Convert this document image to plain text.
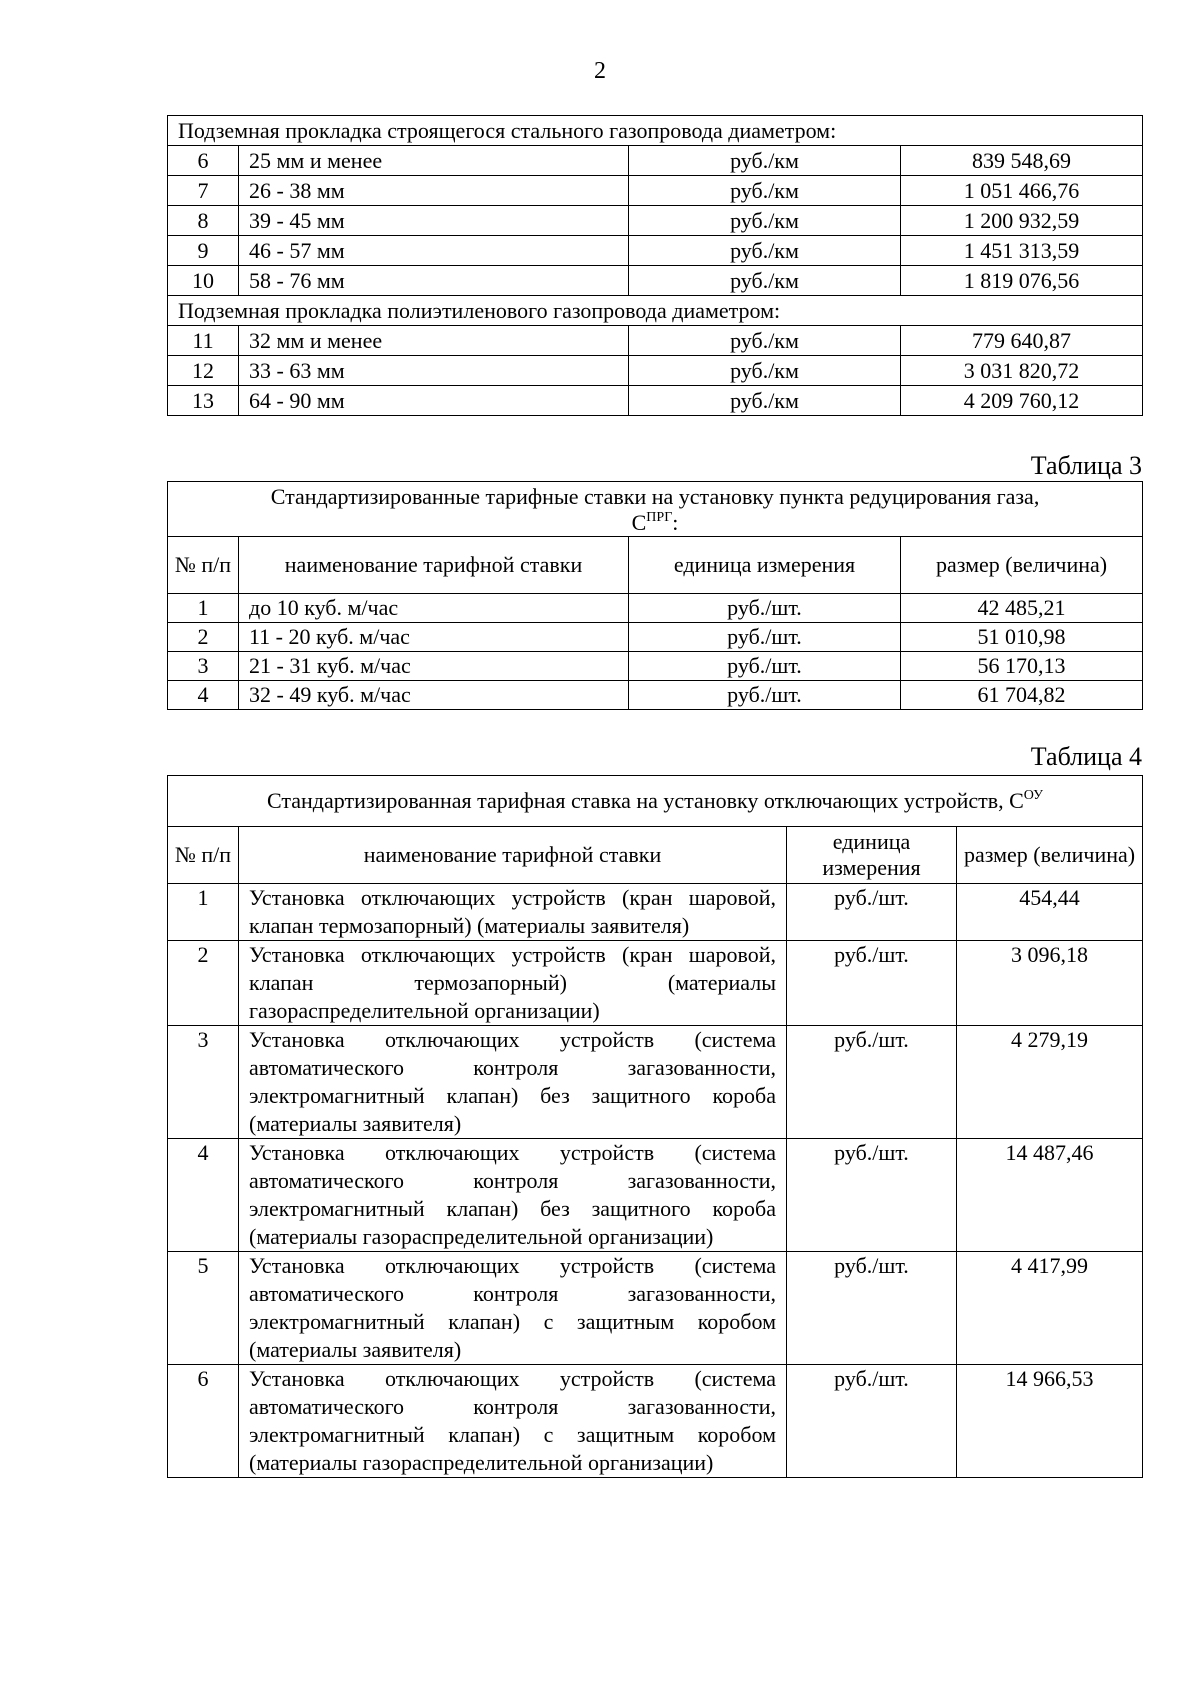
2
Подземная прокладка строящегося стального газопровода диаметром:			
6	25 мм и менее	руб./км	839 548,69
7	26 - 38 мм	руб./км	1 051 466,76
8	39 - 45 мм	руб./км	1 200 932,59
9	46 - 57 мм	руб./км	1 451 313,59
10	58 - 76 мм	руб./км	1 819 076,56
Подземная прокладка полиэтиленового газопровода диаметром:			
11	32 мм и менее	руб./км	779 640,87
12	33 - 63 мм	руб./км	3 031 820,72
13	64 - 90 мм	руб./км	4 209 760,12
Таблица 3
Стандартизированные тарифные ставки на установку пункта редуцирования газа,
$С^{ПРГ}$:			
№ п/п	наименование тарифной ставки	единица измерения	размер (величина)
1	до 10 куб. м/час	руб./шт.	42 485,21
2	11 - 20 куб. м/час	руб./шт.	51 010,98
3	21 - 31 куб. м/час	руб./шт.	56 170,13
4	32 - 49 куб. м/час	руб./шт.	61 704,82
Таблица 4
Стандартизированная тарифная ставка на установку отключающих устройств, $С^{ОУ}$
№ п/п	наименование тарифной ставки	единица измерения	размер (величина)
1	Установка отключающих устройств (кран шаровой, клапан термозапорный) (материалы заявителя)	руб./шт.	454,44
2	Установка отключающих устройств (кран шаровой, клапан термозапорный) (материалы газораспределительной организации)	руб./шт.	3 096,18
3	Установка отключающих устройств (система автоматического контроля загазованности, электромагнитный клапан) без защитного короба (материалы заявителя)	руб./шт.	4 279,19
4	Установка отключающих устройств (система автоматического контроля загазованности, электромагнитный клапан) без защитного короба (материалы газораспределительной организации)	руб./шт.	14 487,46
5	Установка отключающих устройств (система автоматического контроля загазованности, электромагнитный клапан) с защитным коробом (материалы заявителя)	руб./шт.	4 417,99
6	Установка отключающих устройств (система автоматического контроля загазованности, электромагнитный клапан) с защитным коробом (материалы газораспределительной организации)	руб./шт.	14 966,53
